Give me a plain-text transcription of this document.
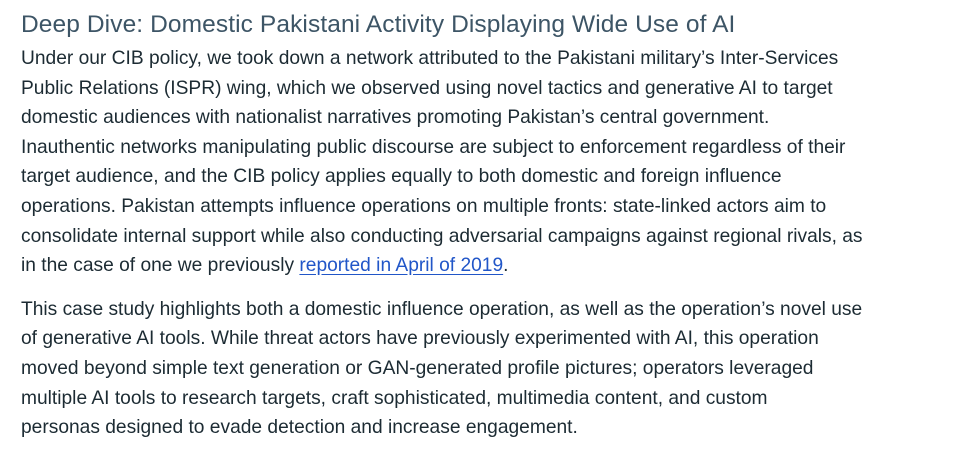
Deep Dive: Domestic Pakistani Activity Displaying Wide Use of AI

Under our CIB policy, we took down a network attributed to the Pakistani military’s Inter-Services
Public Relations (ISPR) wing, which we observed using novel tactics and generative AI to target
domestic audiences with nationalist narratives promoting Pakistan’s central government.
Inauthentic networks manipulating public discourse are subject to enforcement regardless of their
target audience, and the CIB policy applies equally to both domestic and foreign influence
operations. Pakistan attempts influence operations on multiple fronts: state-linked actors aim to
consolidate internal support while also conducting adversarial campaigns against regional rivals, as
in the case of one we previously reported in April of 2019.

This case study highlights both a domestic influence operation, as well as the operation’s novel use
of generative AI tools. While threat actors have previously experimented with AI, this operation
moved beyond simple text generation or GAN-generated profile pictures; operators leveraged
multiple AI tools to research targets, craft sophisticated, multimedia content, and custom
personas designed to evade detection and increase engagement.
